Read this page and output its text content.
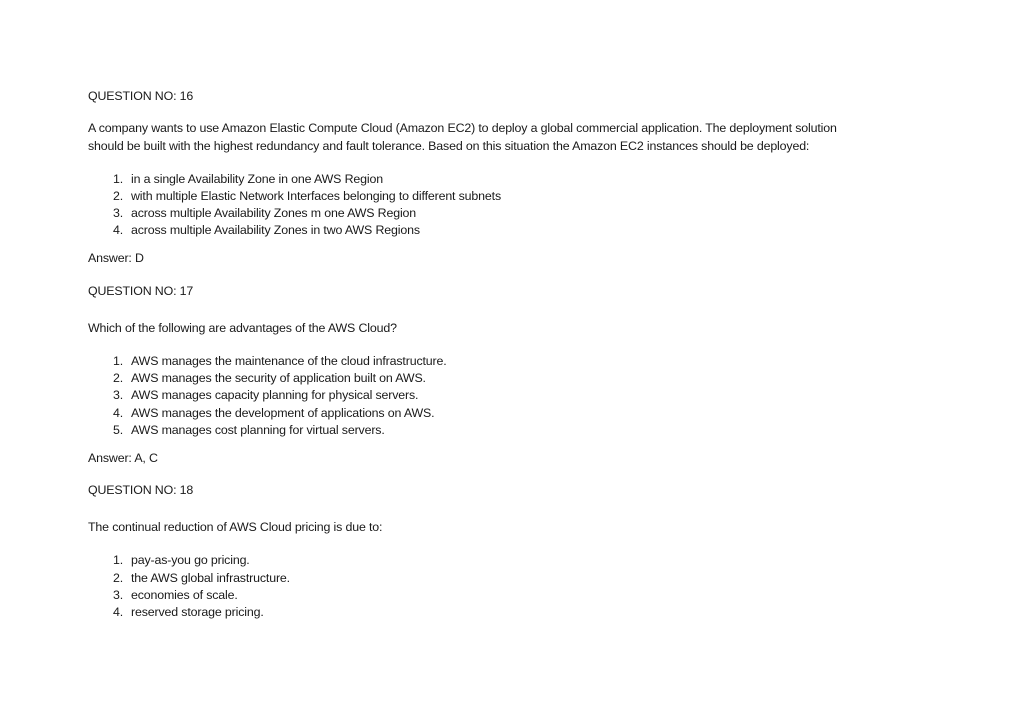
QUESTION NO: 16
A company wants to use Amazon Elastic Compute Cloud (Amazon EC2) to deploy a global commercial application. The deployment solution
should be built with the highest redundancy and fault tolerance. Based on this situation the Amazon EC2 instances should be deployed:
1. in a single Availability Zone in one AWS Region
2. with multiple Elastic Network Interfaces belonging to different subnets
3. across multiple Availability Zones m one AWS Region
4. across multiple Availability Zones in two AWS Regions
Answer: D
QUESTION NO: 17
Which of the following are advantages of the AWS Cloud?
1. AWS manages the maintenance of the cloud infrastructure.
2. AWS manages the security of application built on AWS.
3. AWS manages capacity planning for physical servers.
4. AWS manages the development of applications on AWS.
5. AWS manages cost planning for virtual servers.
Answer: A, C
QUESTION NO: 18
The continual reduction of AWS Cloud pricing is due to:
1. pay-as-you go pricing.
2. the AWS global infrastructure.
3. economies of scale.
4. reserved storage pricing.
